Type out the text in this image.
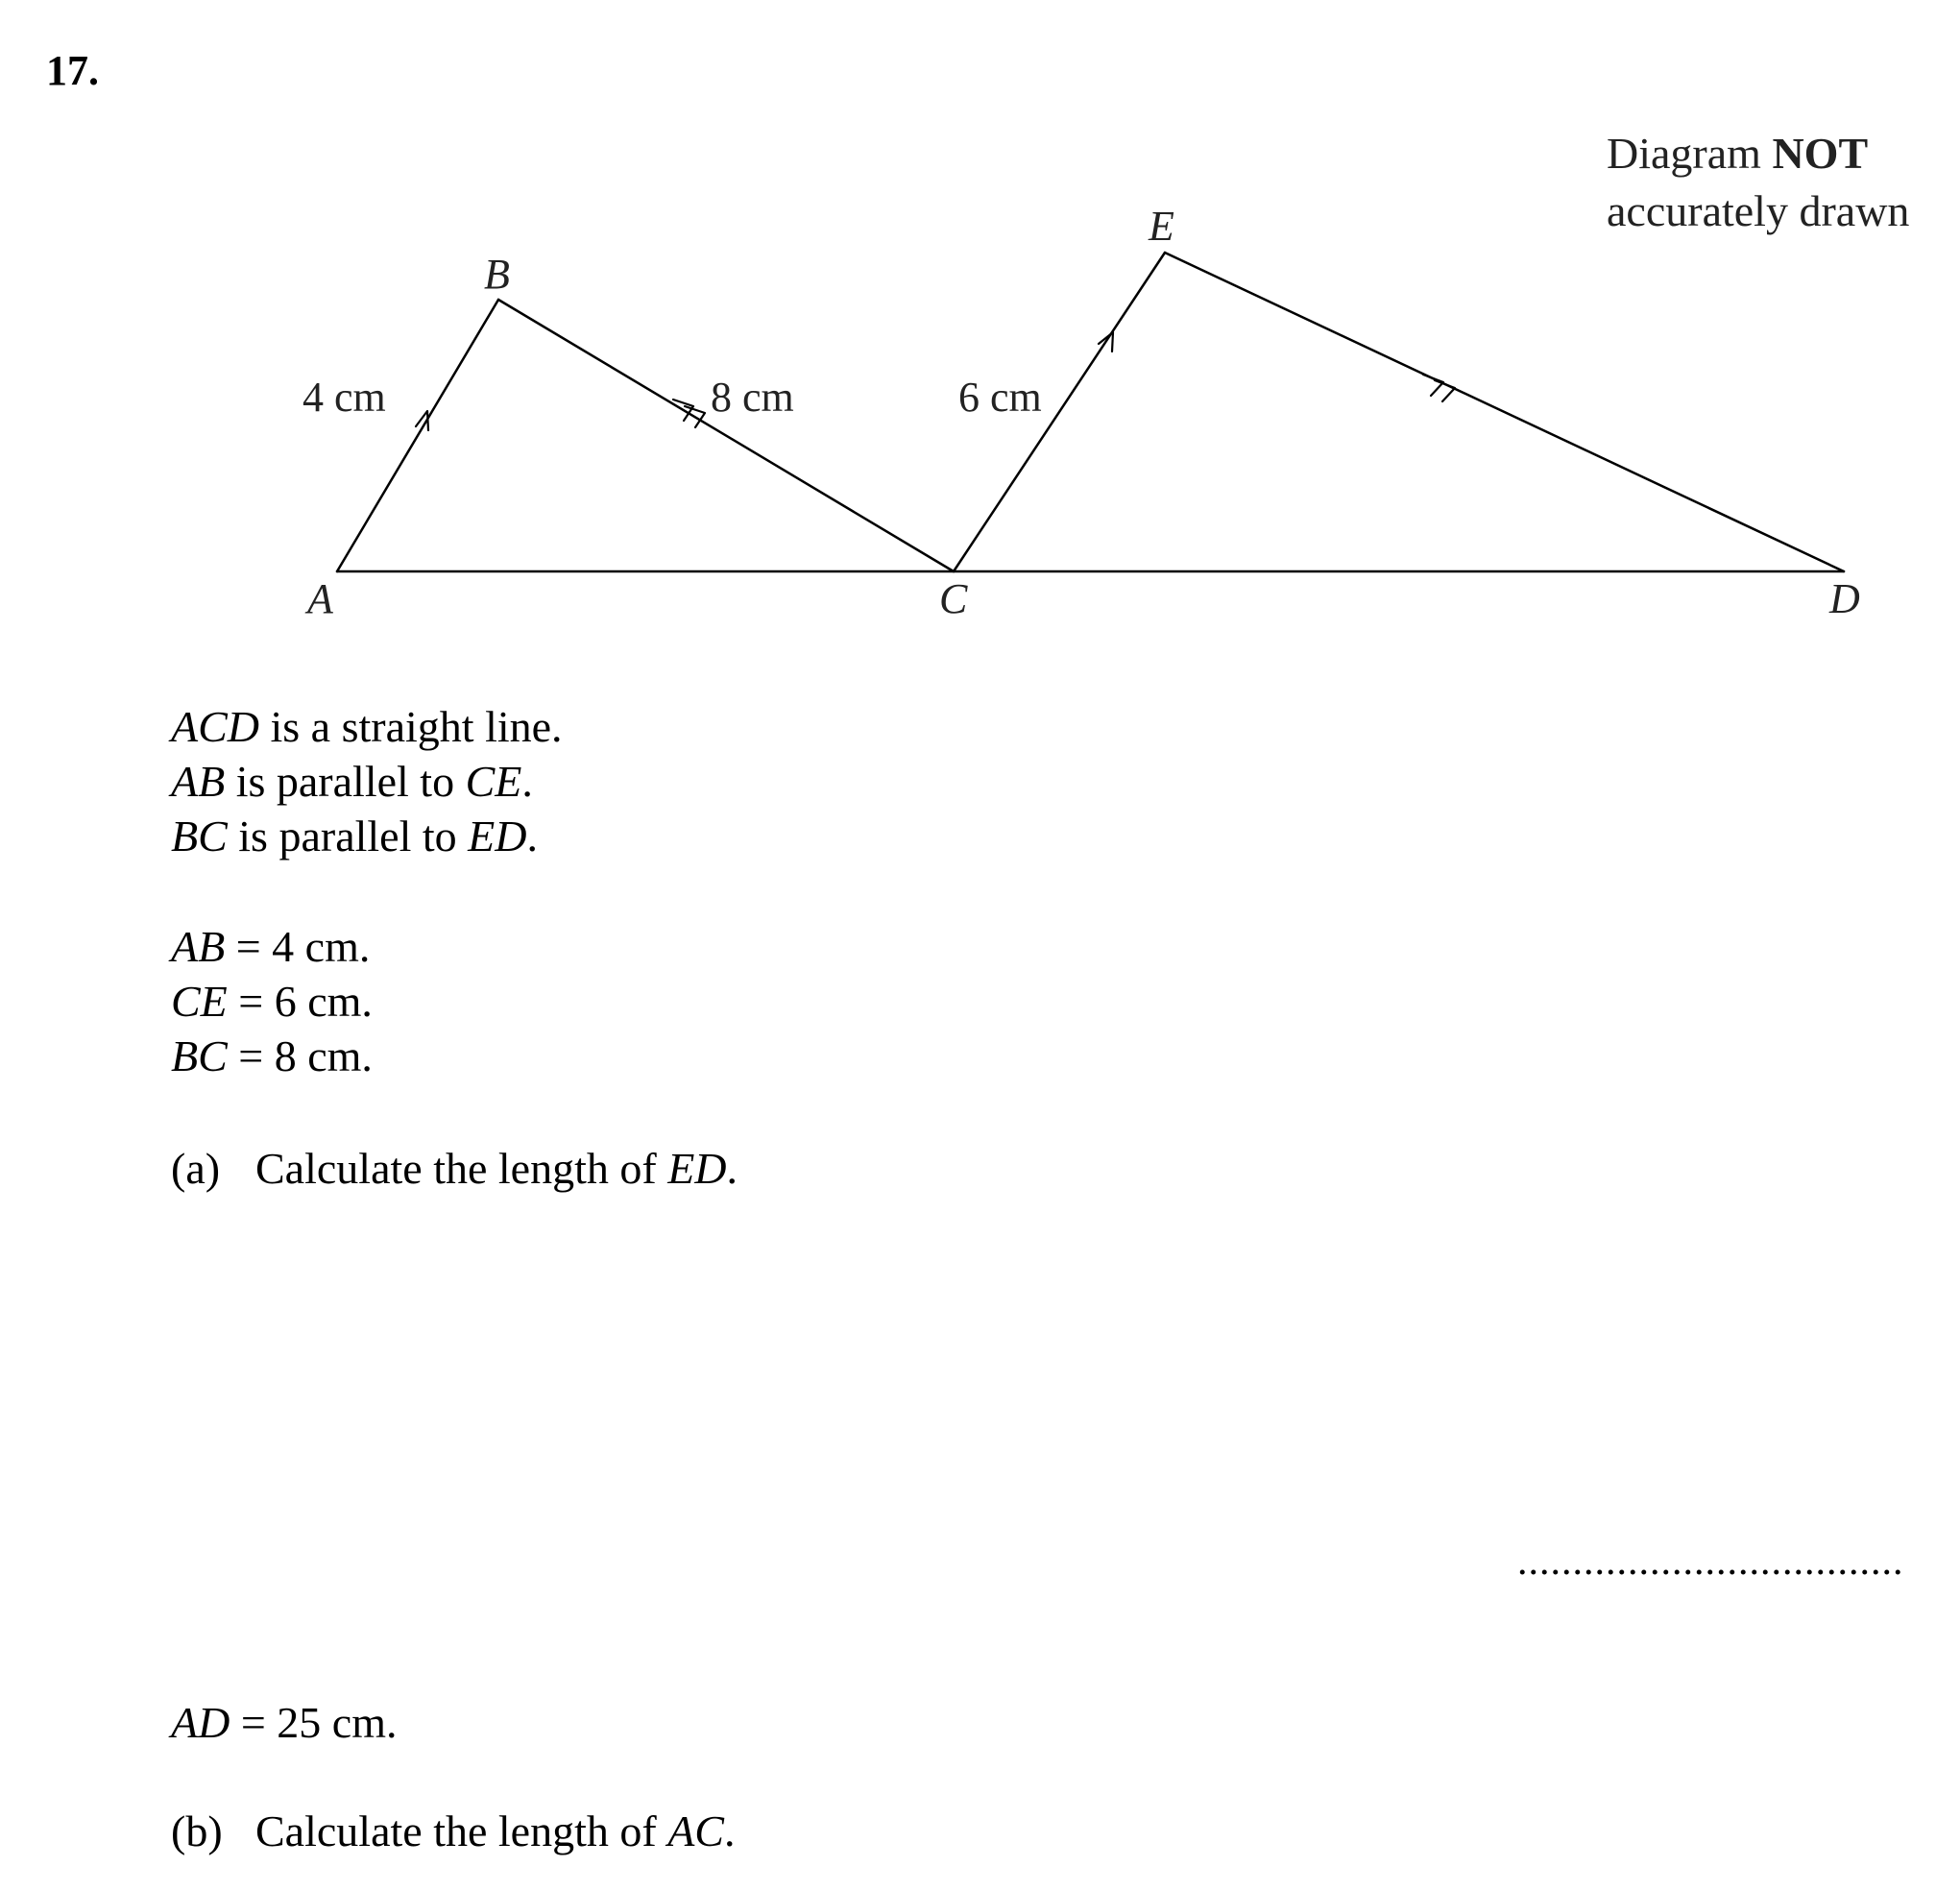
17.
Diagram NOT
accurately drawn
A
B
C	D
E
4 cm	8 cm	6 cm
ACD is a straight line.
AB is parallel to CE.
BC is parallel to ED.
AB = 4 cm.
CE = 6 cm.
BC = 8 cm.
(a) Calculate the length of ED.
...................................
AD = 25 cm.
(b) Calculate the length of AC.
